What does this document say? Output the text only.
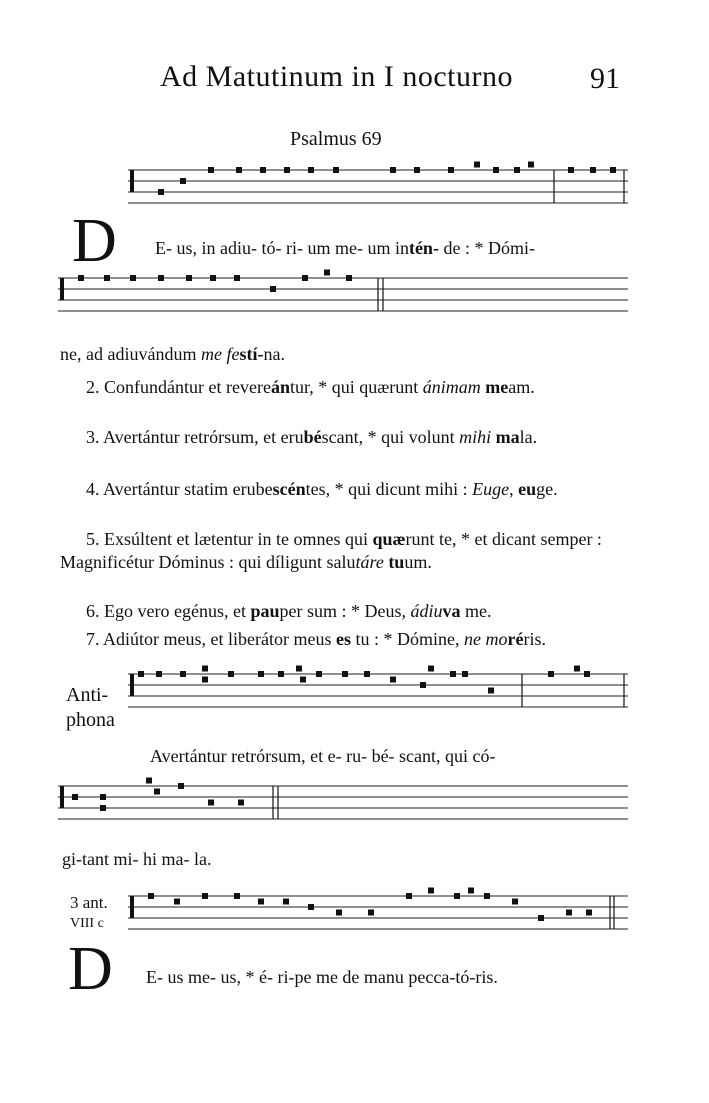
Ad Matutinum in I nocturno	91
Psalmus 69
D E- us, in adiu- tó- ri- um me- um intén- de : * Dómi-
ne, ad adiuvándum me festí-na.
2. Confundántur et revereántur, * qui quærunt ánimam meam.
3. Avertántur retrórsum, et erubéscant, * qui volunt mihi mala.
4. Avertántur statim erubescéntes, * qui dicunt mihi : Euge, euge.
5. Exsúltent et lætentur in te omnes qui quærunt te, * et dicant semper : Magnificétur Dóminus : qui díligunt salutáre tuum.
6. Ego vero egénus, et pauper sum : * Deus, ádiuva me.
7. Adiútor meus, et liberátor meus es tu : * Dómine, ne moréris.
Anti-
phona
Avertántur retrórsum, et e- ru- bé- scant, qui có-
gi-tant mi- hi ma- la.
3 ant.
VIII c
D E- us me- us, * é- ri-pe me de manu pecca-tó-ris.
